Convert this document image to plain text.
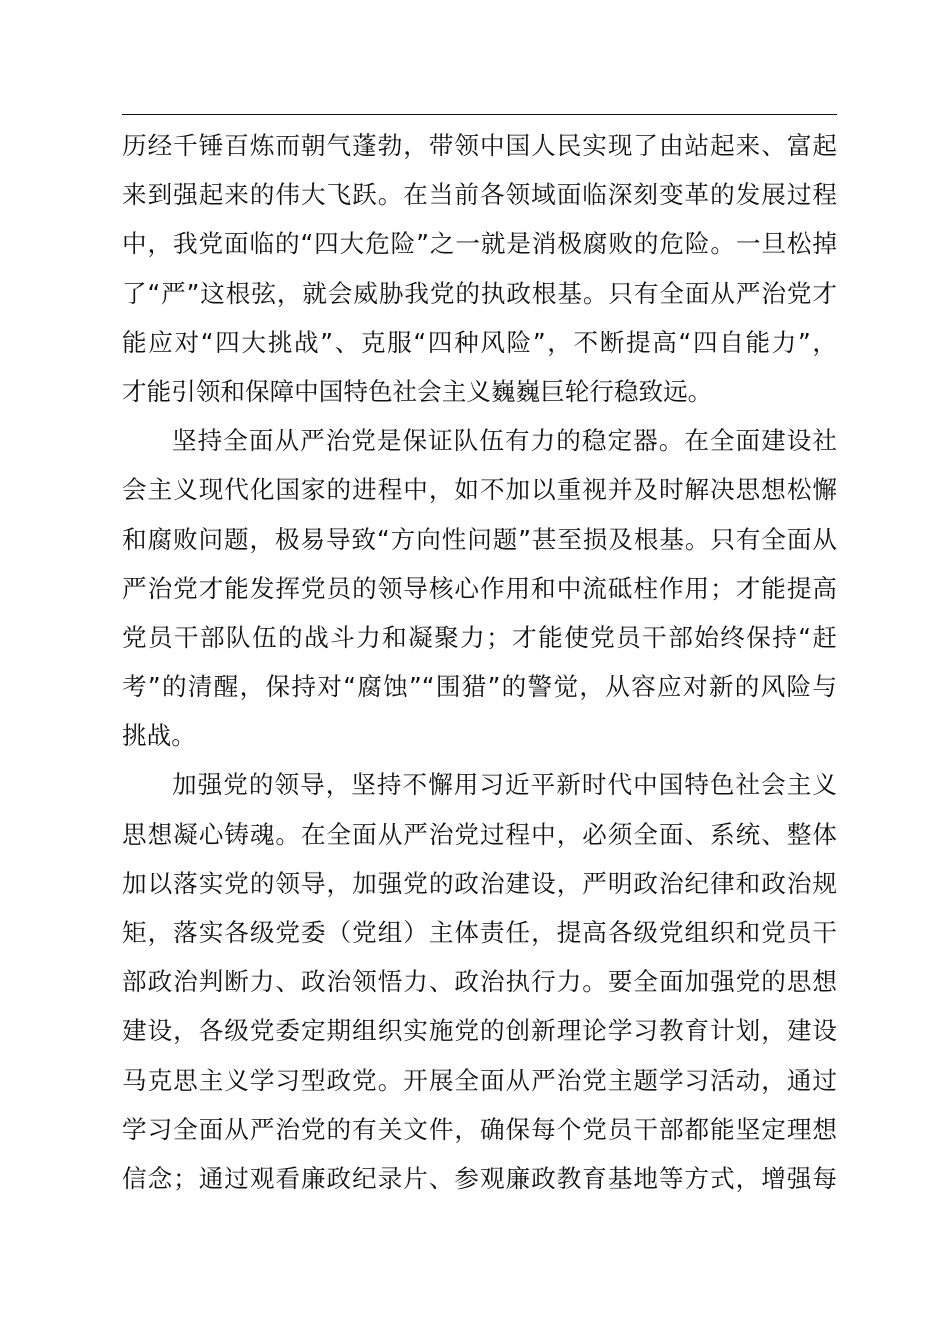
历经千锤百炼而朝气蓬勃，带领中国人民实现了由站起来、富起
来到强起来的伟大飞跃。在当前各领域面临深刻变革的发展过程
中，我党面临的“四大危险”之一就是消极腐败的危险。一旦松掉
了“严”这根弦，就会威胁我党的执政根基。只有全面从严治党才
能应对“四大挑战”、克服“四种风险”，不断提高“四自能力”，
才能引领和保障中国特色社会主义巍巍巨轮行稳致远。
坚持全面从严治党是保证队伍有力的稳定器。在全面建设社
会主义现代化国家的进程中，如不加以重视并及时解决思想松懈
和腐败问题，极易导致“方向性问题”甚至损及根基。只有全面从
严治党才能发挥党员的领导核心作用和中流砥柱作用；才能提高
党员干部队伍的战斗力和凝聚力；才能使党员干部始终保持“赶
考”的清醒，保持对“腐蚀”“围猎”的警觉，从容应对新的风险与
挑战。
加强党的领导，坚持不懈用习近平新时代中国特色社会主义
思想凝心铸魂。在全面从严治党过程中，必须全面、系统、整体
加以落实党的领导，加强党的政治建设，严明政治纪律和政治规
矩，落实各级党委（党组）主体责任，提高各级党组织和党员干
部政治判断力、政治领悟力、政治执行力。要全面加强党的思想
建设，各级党委定期组织实施党的创新理论学习教育计划，建设
马克思主义学习型政党。开展全面从严治党主题学习活动，通过
学习全面从严治党的有关文件，确保每个党员干部都能坚定理想
信念；通过观看廉政纪录片、参观廉政教育基地等方式，增强每
